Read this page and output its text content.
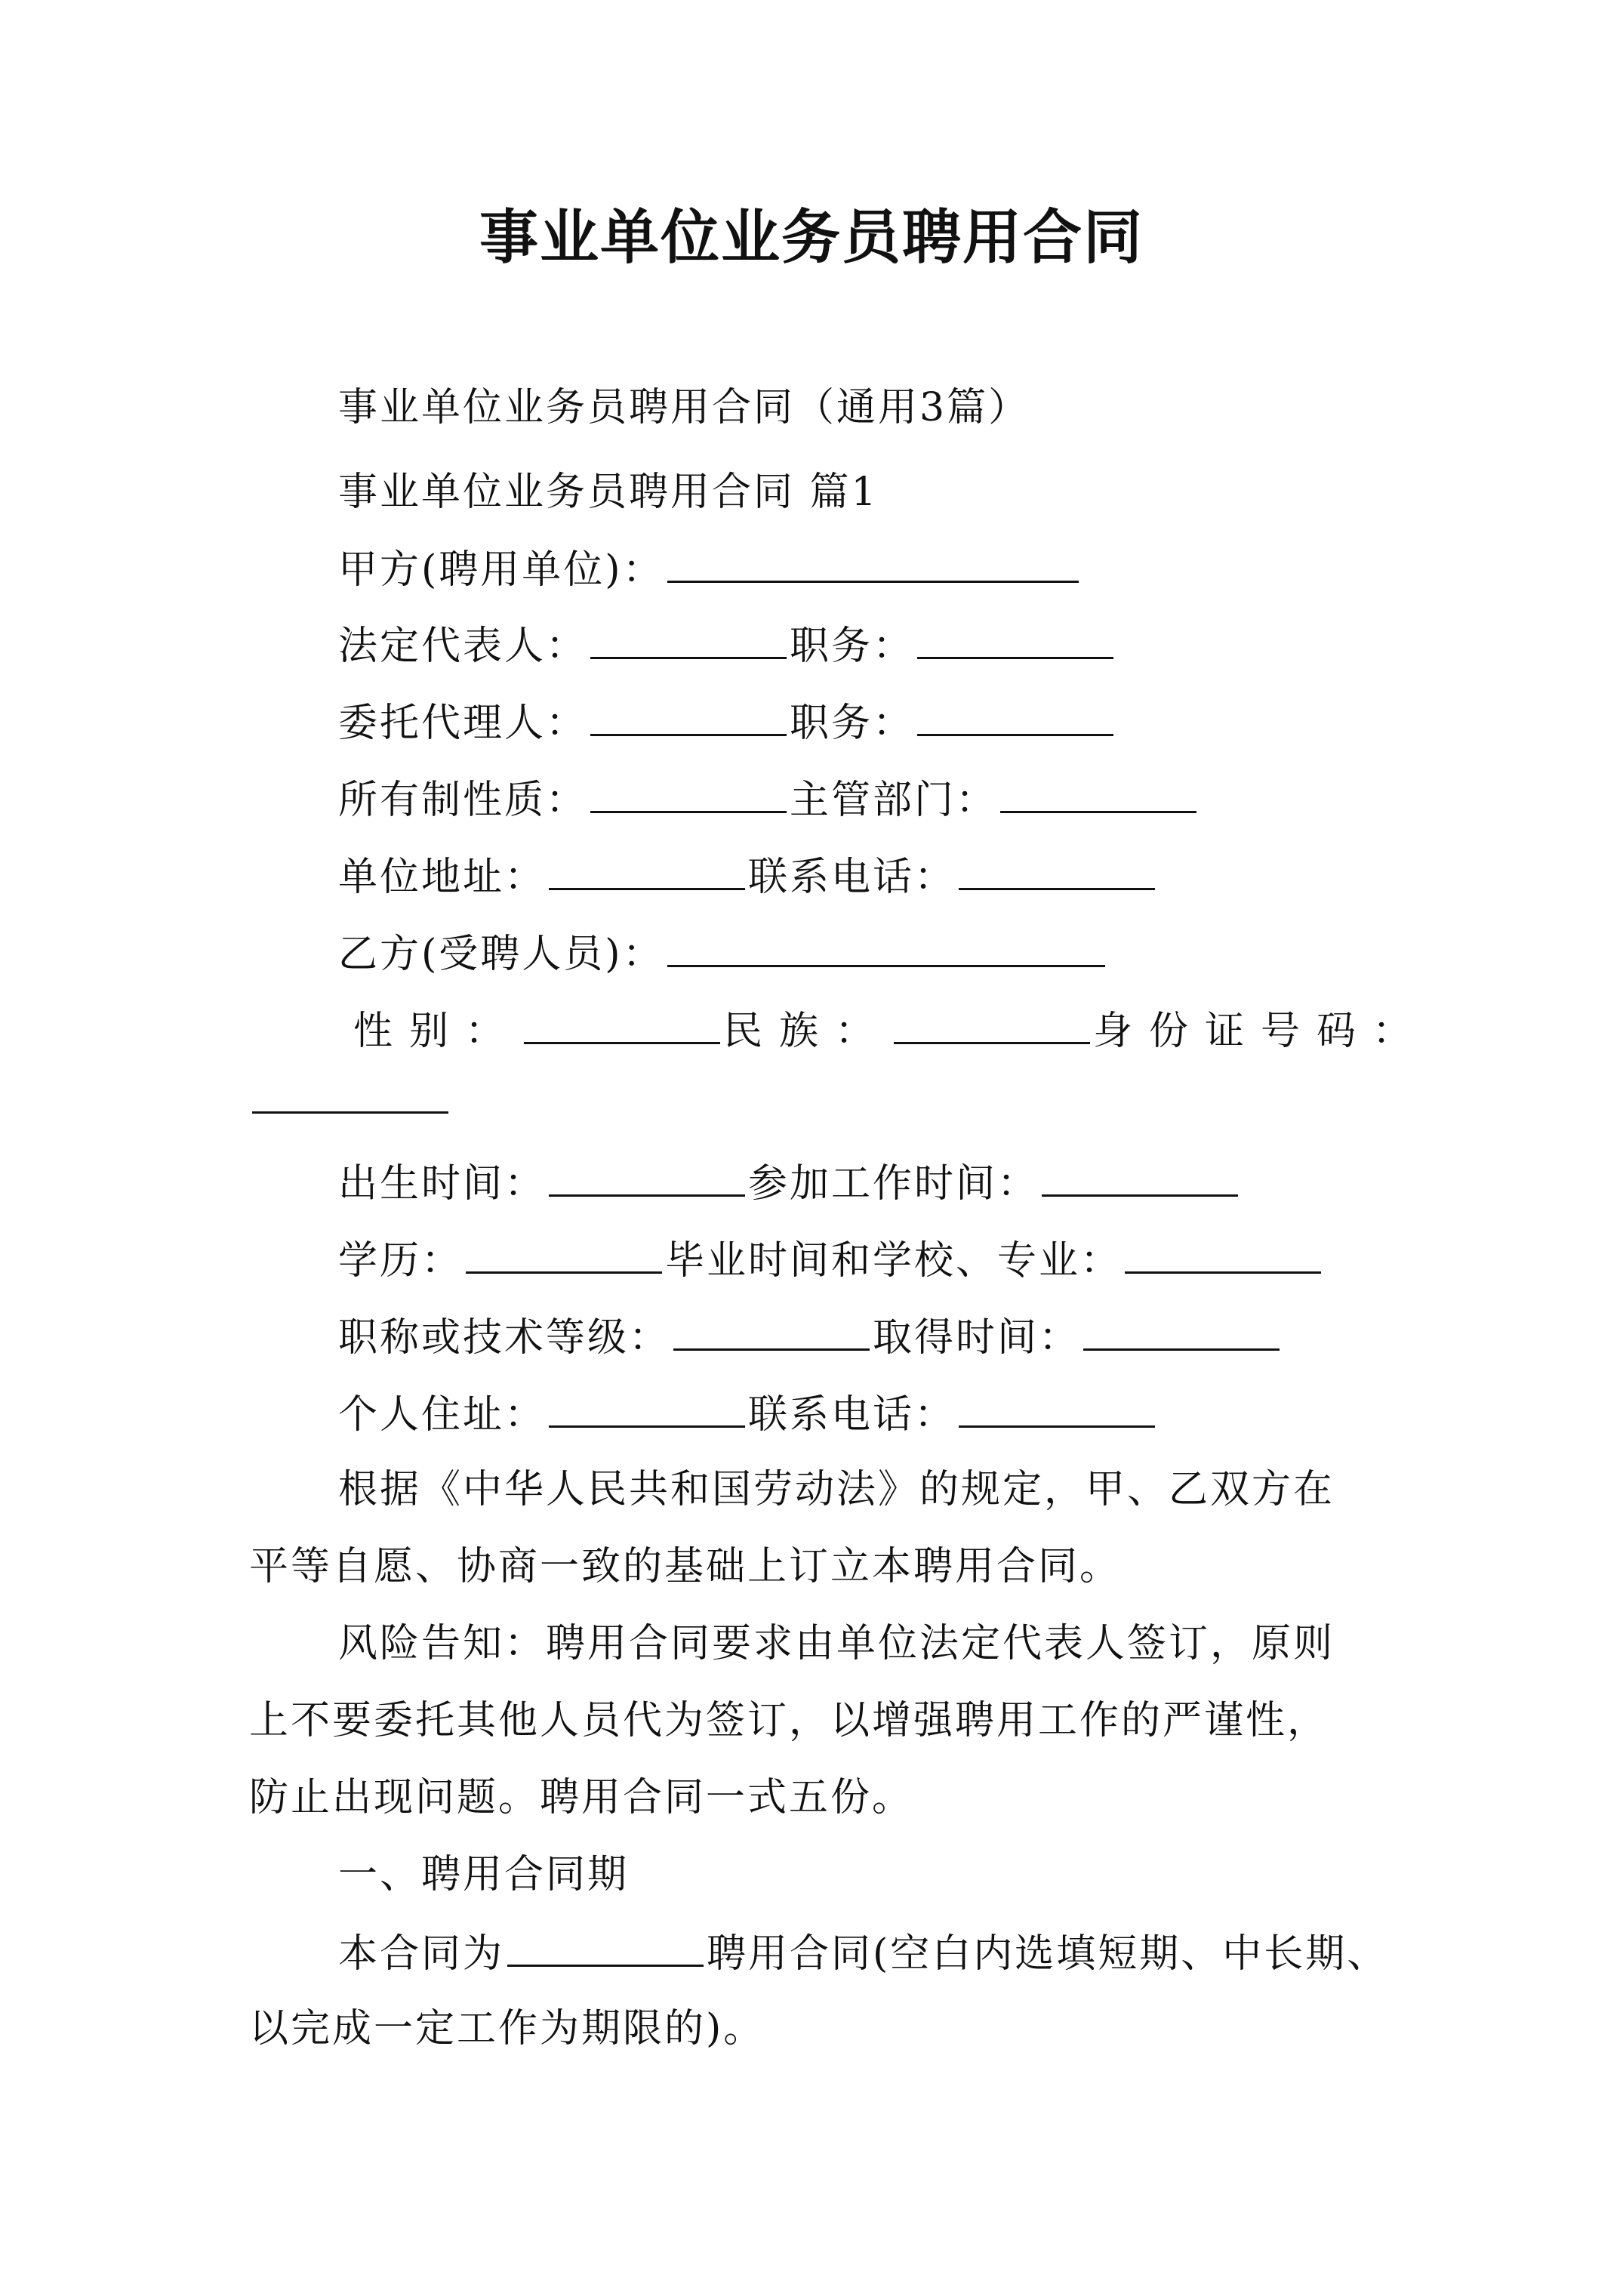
事业单位业务员聘用合同
事业单位业务员聘用合同（通用3篇）
事业单位业务员聘用合同 篇1
甲方(聘用单位)：
法定代表人：	职务：
委托代理人：	职务：
所有制性质：	主管部门：
单位地址：	联系电话：
乙方(受聘人员)：
性别：	民族：	身份证号码：
出生时间：	参加工作时间：
学历：	毕业时间和学校、专业：
职称或技术等级：	取得时间：
个人住址：	联系电话：
根据《中华人民共和国劳动法》的规定，甲、乙双方在
平等自愿、协商一致的基础上订立本聘用合同。
风险告知：聘用合同要求由单位法定代表人签订，原则
上不要委托其他人员代为签订，以增强聘用工作的严谨性，
防止出现问题。聘用合同一式五份。
一、聘用合同期
本合同为	聘用合同(空白内选填短期、中长期、
以完成一定工作为期限的)。
